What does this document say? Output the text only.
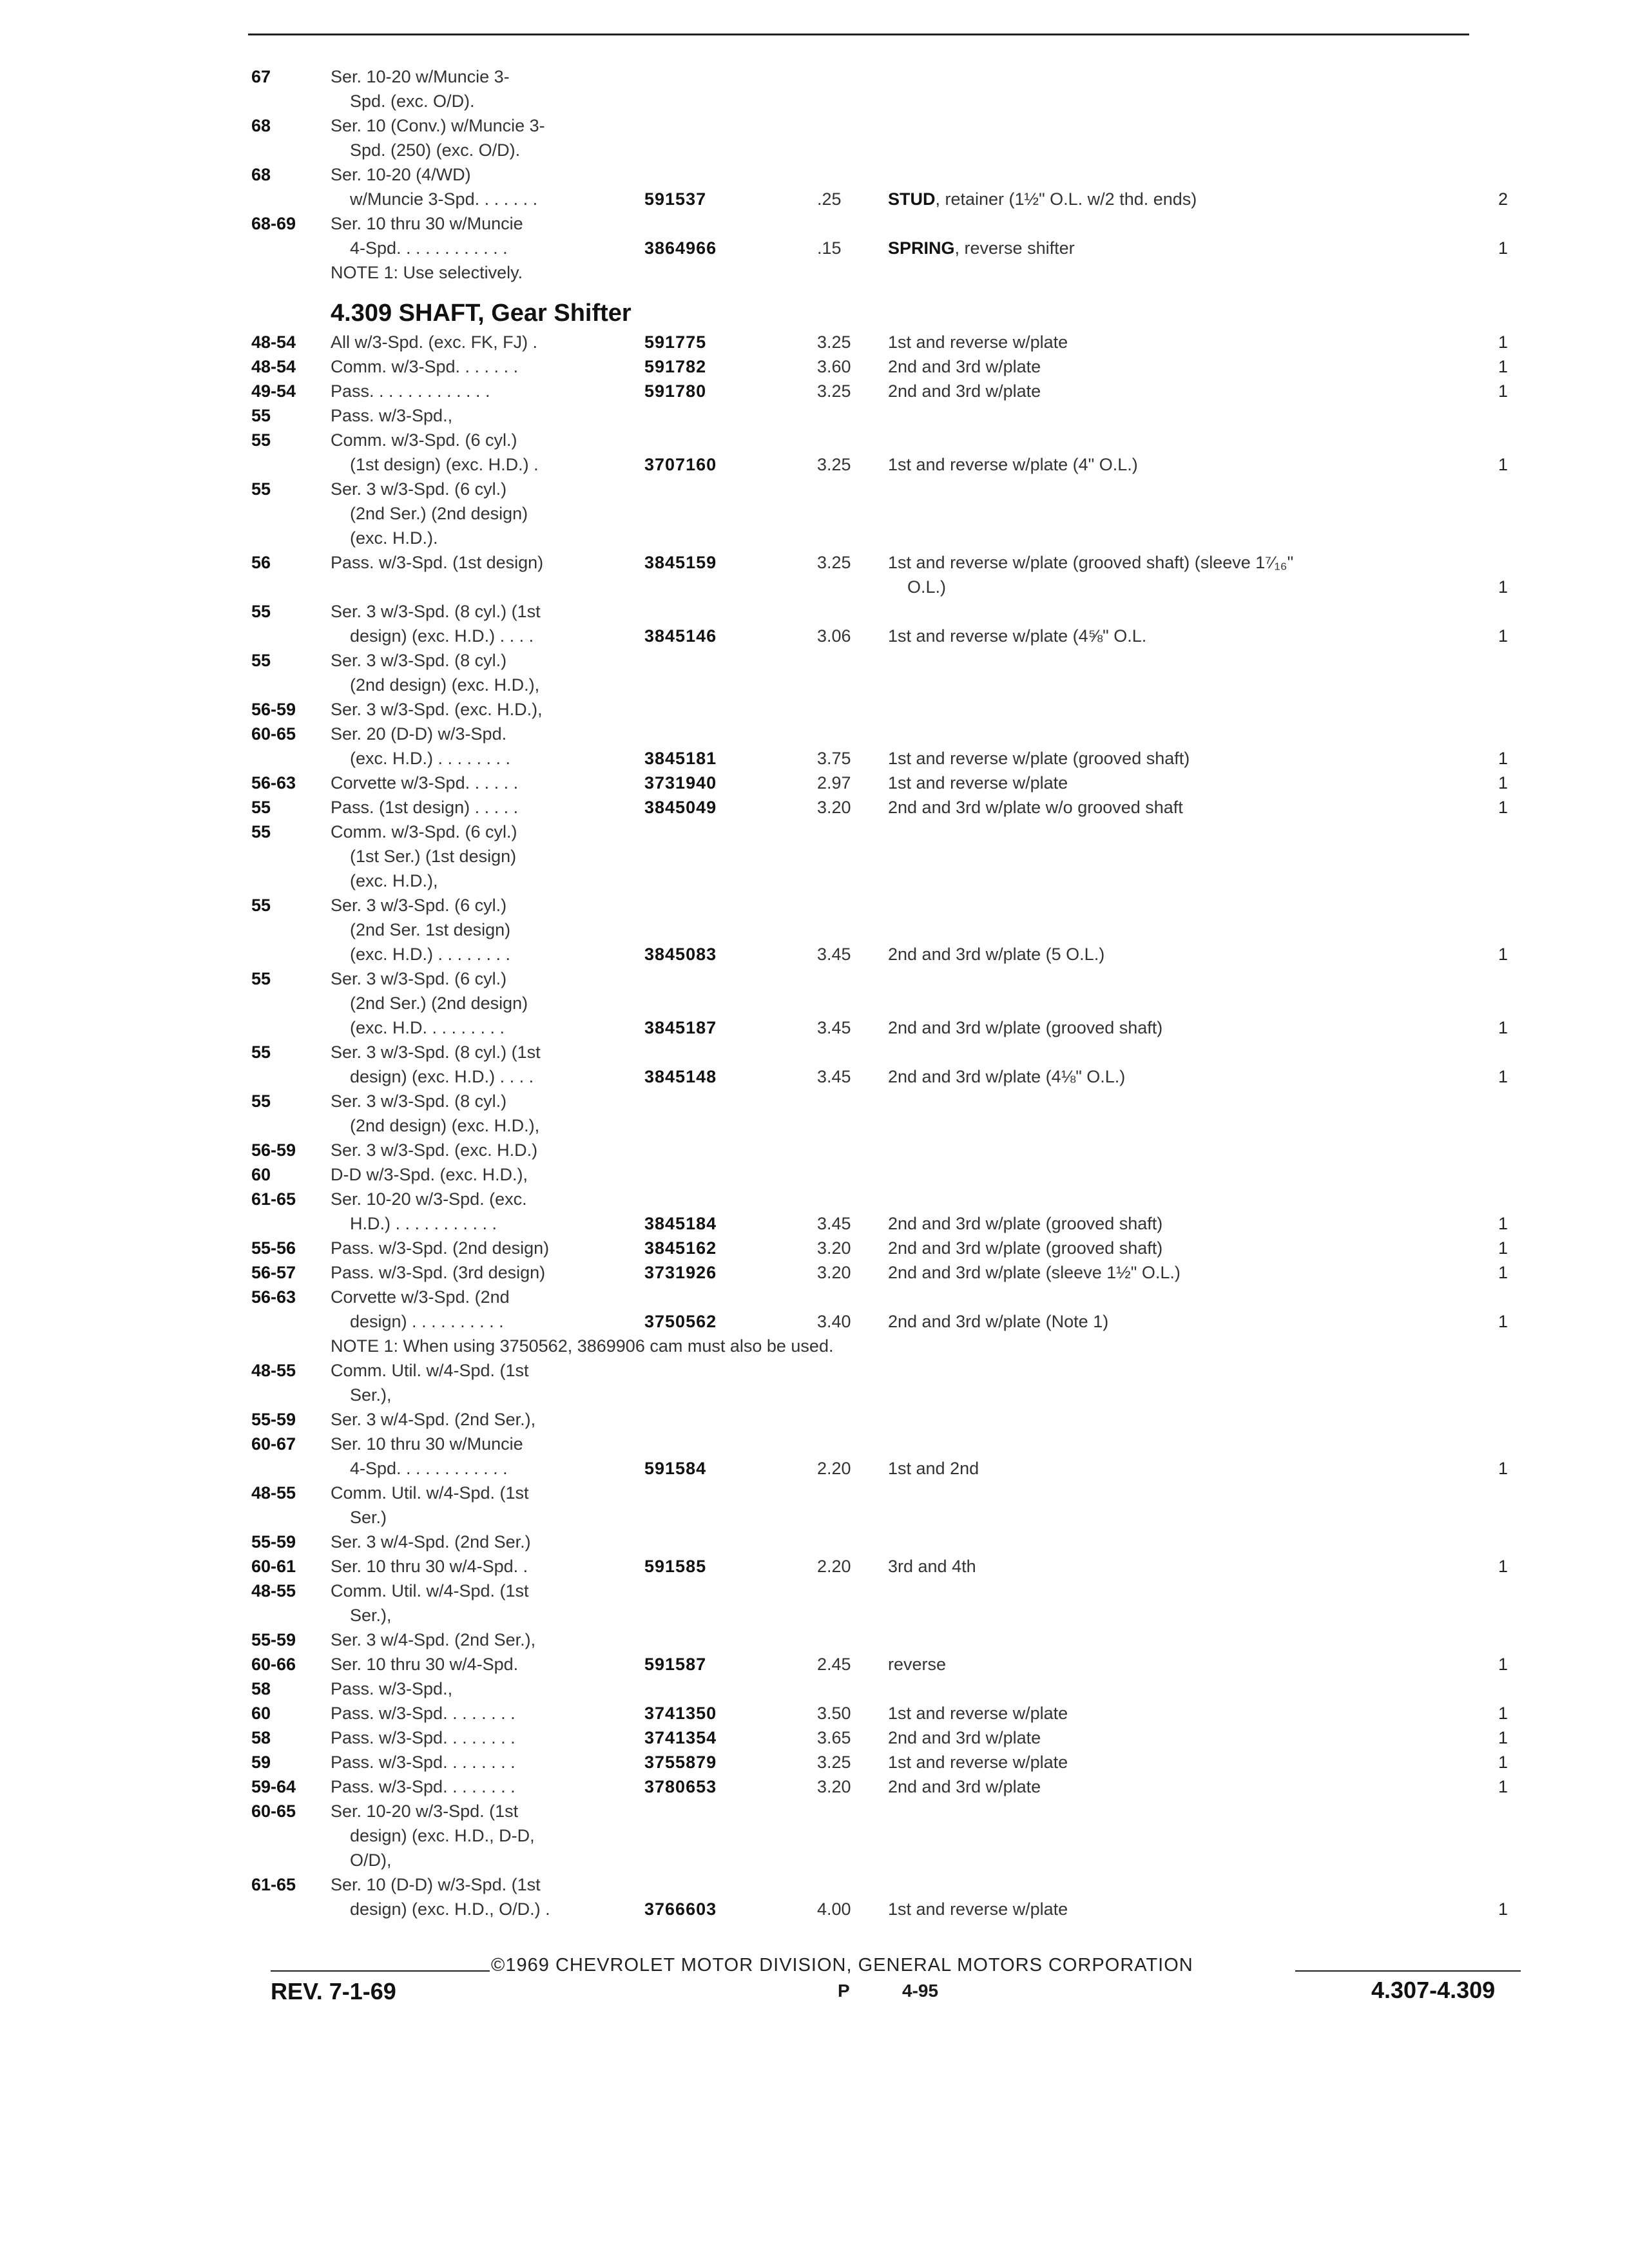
67	Ser. 10-20 w/Muncie 3-
Spd. (exc. O/D).
68	Ser. 10 (Conv.) w/Muncie 3-
Spd. (250) (exc. O/D).
68	Ser. 10-20 (4/WD)
w/Muncie 3-Spd. . . . . . .	591537	.25	STUD, retainer (1½" O.L. w/2 thd. ends)	2
68-69 Ser. 10 thru 30 w/Muncie
4-Spd. . . . . . . . . . . .	3864966	.15	SPRING, reverse shifter	1
NOTE 1: Use selectively.
4.309 SHAFT, Gear Shifter
48-54 All w/3-Spd. (exc. FK, FJ) .	591775	3.25 1st and reverse w/plate	1
48-54 Comm. w/3-Spd. . . . . . .	591782	3.60 2nd and 3rd w/plate	1
49-54 Pass. . . . . . . . . . . . .	591780	3.25 2nd and 3rd w/plate	1
55	Pass. w/3-Spd.,
55	Comm. w/3-Spd. (6 cyl.)
(1st design) (exc. H.D.) .	3707160	3.25 1st and reverse w/plate (4" O.L.)	1
55	Ser. 3 w/3-Spd. (6 cyl.)
(2nd Ser.) (2nd design)
(exc. H.D.).
56	Pass. w/3-Spd. (1st design)	3845159	3.25 1st and reverse w/plate (grooved shaft) (sleeve 1⁷⁄₁₆"
O.L.)	1
55	Ser. 3 w/3-Spd. (8 cyl.) (1st
design) (exc. H.D.) . . . .	3845146	3.06 1st and reverse w/plate (4⅝" O.L.	1
55	Ser. 3 w/3-Spd. (8 cyl.)
(2nd design) (exc. H.D.),
56-59 Ser. 3 w/3-Spd. (exc. H.D.),
60-65 Ser. 20 (D-D) w/3-Spd.
(exc. H.D.) . . . . . . . .	3845181	3.75 1st and reverse w/plate (grooved shaft)	1
56-63 Corvette w/3-Spd. . . . . .	3731940	2.97 1st and reverse w/plate	1
55	Pass. (1st design) . . . . .	3845049	3.20 2nd and 3rd w/plate w/o grooved shaft	1
55	Comm. w/3-Spd. (6 cyl.)
(1st Ser.) (1st design)
(exc. H.D.),
55	Ser. 3 w/3-Spd. (6 cyl.)
(2nd Ser. 1st design)
(exc. H.D.) . . . . . . . .	3845083	3.45 2nd and 3rd w/plate (5 O.L.)	1
55	Ser. 3 w/3-Spd. (6 cyl.)
(2nd Ser.) (2nd design)
(exc. H.D. . . . . . . . .	3845187	3.45 2nd and 3rd w/plate (grooved shaft)	1
55	Ser. 3 w/3-Spd. (8 cyl.) (1st
design) (exc. H.D.) . . . .	3845148	3.45 2nd and 3rd w/plate (4⅛" O.L.)	1
55	Ser. 3 w/3-Spd. (8 cyl.)
(2nd design) (exc. H.D.),
56-59 Ser. 3 w/3-Spd. (exc. H.D.)
60	D-D w/3-Spd. (exc. H.D.),
61-65 Ser. 10-20 w/3-Spd. (exc.
H.D.) . . . . . . . . . . .	3845184	3.45 2nd and 3rd w/plate (grooved shaft)	1
55-56 Pass. w/3-Spd. (2nd design)	3845162	3.20 2nd and 3rd w/plate (grooved shaft)	1
56-57 Pass. w/3-Spd. (3rd design)	3731926	3.20 2nd and 3rd w/plate (sleeve 1½" O.L.)	1
56-63 Corvette w/3-Spd. (2nd
design) . . . . . . . . . .	3750562	3.40 2nd and 3rd w/plate (Note 1)	1
NOTE 1: When using 3750562, 3869906 cam must also be used.
48-55 Comm. Util. w/4-Spd. (1st
Ser.),
55-59 Ser. 3 w/4-Spd. (2nd Ser.),
60-67 Ser. 10 thru 30 w/Muncie
4-Spd. . . . . . . . . . . .	591584	2.20 1st and 2nd	1
48-55 Comm. Util. w/4-Spd. (1st
Ser.)
55-59 Ser. 3 w/4-Spd. (2nd Ser.)
60-61 Ser. 10 thru 30 w/4-Spd. .	591585	2.20 3rd and 4th	1
48-55 Comm. Util. w/4-Spd. (1st
Ser.),
55-59 Ser. 3 w/4-Spd. (2nd Ser.),
60-66 Ser. 10 thru 30 w/4-Spd.	591587	2.45 reverse	1
58	Pass. w/3-Spd.,
60	Pass. w/3-Spd. . . . . . . .	3741350	3.50 1st and reverse w/plate	1
58	Pass. w/3-Spd. . . . . . . .	3741354	3.65 2nd and 3rd w/plate	1
59	Pass. w/3-Spd. . . . . . . .	3755879	3.25 1st and reverse w/plate	1
59-64 Pass. w/3-Spd. . . . . . . .	3780653	3.20 2nd and 3rd w/plate	1
60-65 Ser. 10-20 w/3-Spd. (1st
design) (exc. H.D., D-D,
O/D),
61-65 Ser. 10 (D-D) w/3-Spd. (1st
design) (exc. H.D., O/D.) .	3766603	4.00 1st and reverse w/plate	1
©1969 CHEVROLET MOTOR DIVISION, GENERAL MOTORS CORPORATION
REV. 7-1-69	P	4-95	4.307-4.309
